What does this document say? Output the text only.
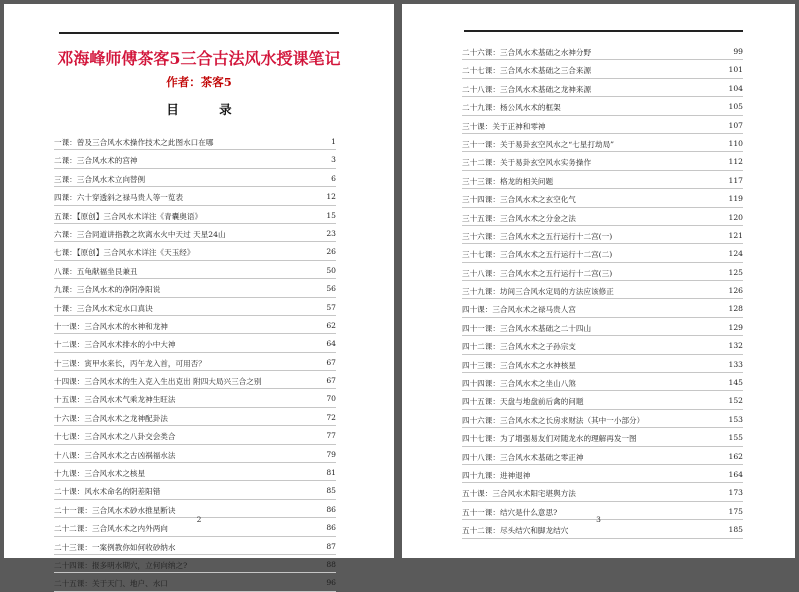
邓海峰师傅茶客5三合古法风水授课笔记
作者：茶客5
目 录
一课：曾及三合风水术操作技术之此图水口在哪	1
二课：三合风水术的宫神	3
三课：三合风水术立向替例	6
四课：六十穿透斜之禄马贵人等一览表	12
五课：【原创】三合风水术详注《青囊奥语》	15
六课：三合同道讲指教之坎离水火中天过 天星24山	23
七课：【原创】三合风水术详注《天玉经》	26
八课：五龟献福坐艮兼丑	50
九课：三合风水术的净阴净阳说	56
十课：三合风水术定水口真诀	57
十一课：三合风水术的水神和龙神	62
十二课：三合风水术排水的小中大神	64
十三课：寅甲水来长，丙午龙入首，可用否？	67
十四课：三合风水术的生入克入生出克出 附四大局兴三合之别	67
十五课：三合风水术气乘龙神生旺法	70
十六课：三合风水术之龙神配卦法	72
十七课：三合风水术之八卦交会类合	77
十八课：三合风水术之古凶祸福水法	79
十九课：三合风水术之核星	81
二十课：风水术命名的阴差阳错	85
二十一课：三合风水术砂水推星断诀	86
二十二课：三合风水术之内外两向	86
二十三课：一案例教你如何收砂纳水	87
二十四课：报多明水期穴，立何向纳之?	88
二十五课：关于天门、地户、水口	96
2
二十六课：三合风水术基础之水神分野	99
二十七课：三合风水术基础之三合来源	101
二十八课：三合风水术基础之龙神来源	104
二十九课：杨公风水术的框架	105
三十课：关于正神和零神	107
三十一课：关于易卦玄空风水之“七星打劫局”	110
三十二课：关于易卦玄空风水实务操作	112
三十三课：格龙的相关问题	117
三十四课：三合风水术之玄空化气	119
三十五课：三合风水术之分金之法	120
三十六课：三合风水术之五行运行十二宫(一)	121
三十七课：三合风水术之五行运行十二宫(二)	124
三十八课：三合风水术之五行运行十二宫(三)	125
三十九课：坊间三合风水定局的方法应该修正	126
四十课：三合风水术之禄马贵人宫	128
四十一课：三合风水术基础之二十四山	129
四十二课：三合风水术之子孙宗支	132
四十三课：三合风水术之水神核星	133
四十四课：三合风水术之坐山八煞	145
四十五课：天盘与地盘前后禽的问题	152
四十六课：三合风水术之长房求财法（其中一小部分）	153
四十七课：为了增强易友们对随龙水的理解再发一图	155
四十八课：三合风水术基础之零正神	162
四十九课：进神退神	164
五十课：三合风水术阳宅堪舆方法	173
五十一课：结穴是什么意思?	175
五十二课：尽头结穴和脚龙结穴	185
3
